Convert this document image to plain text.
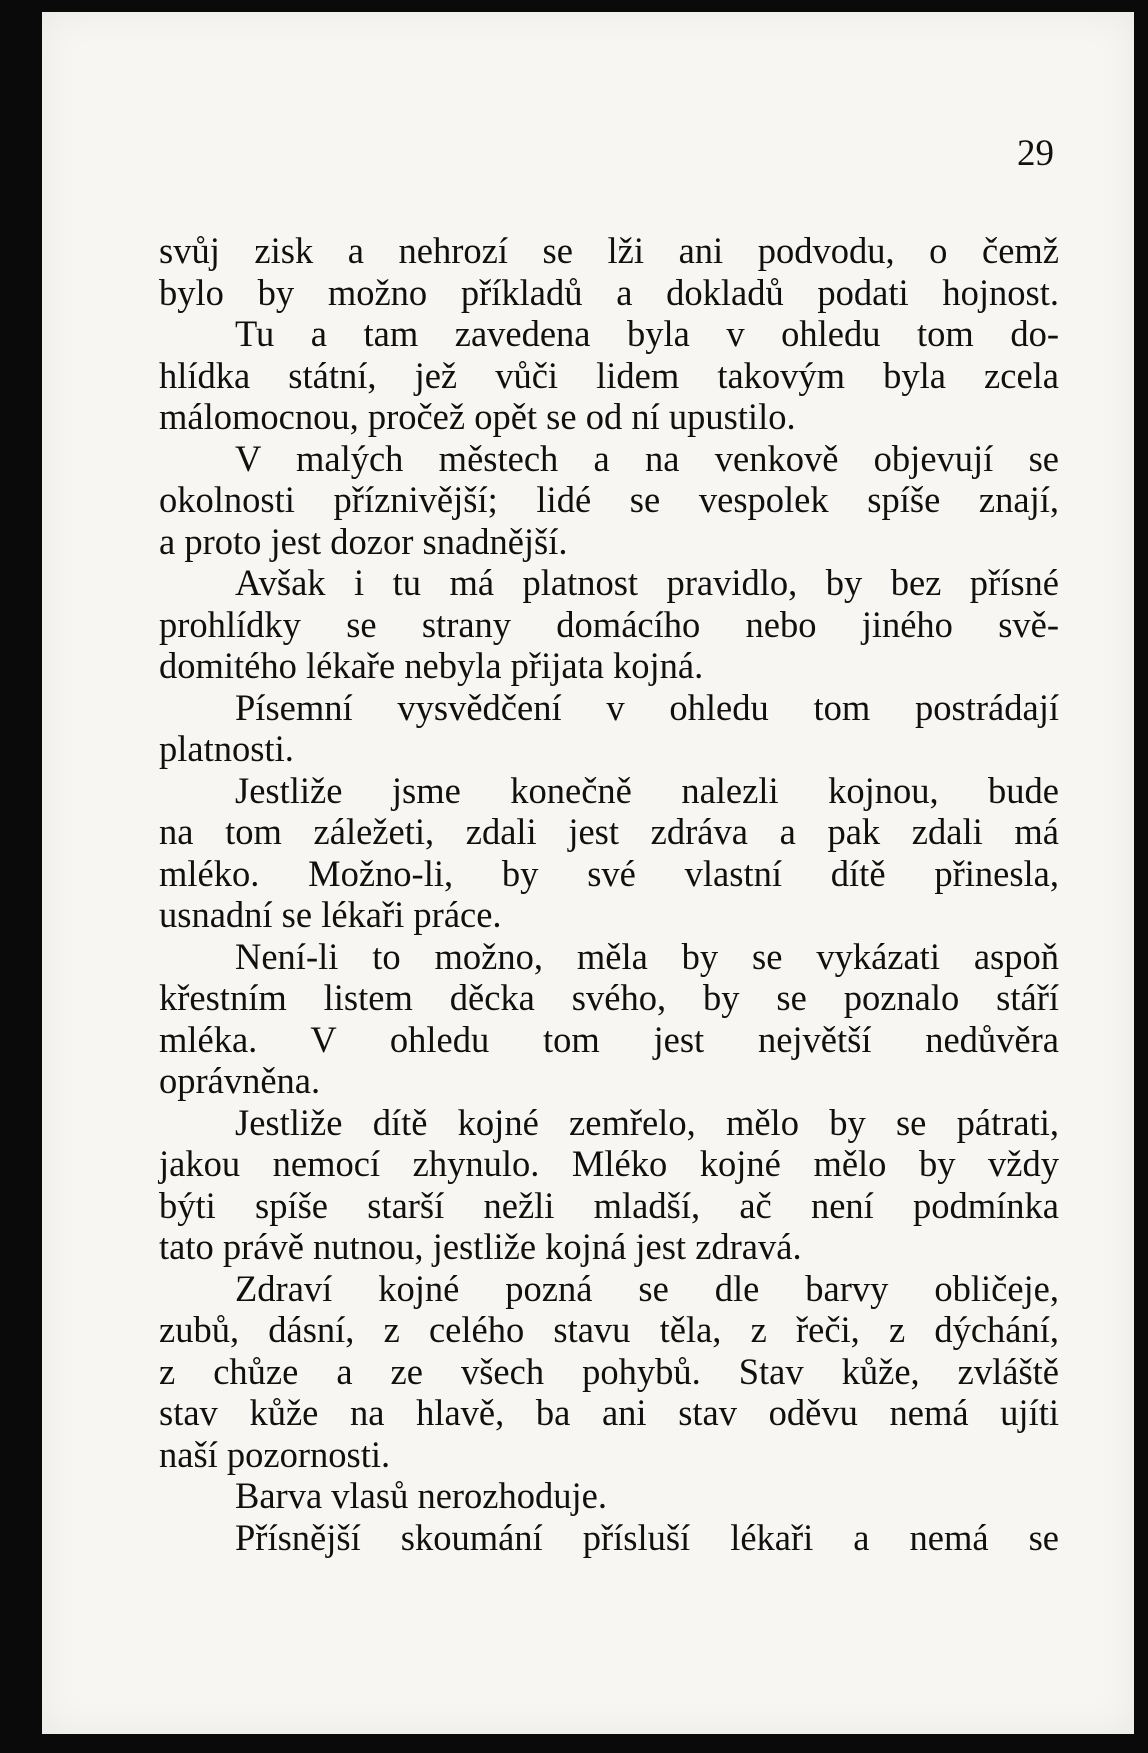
29

svůj zisk a nehrozí se lži ani podvodu, o čemž
bylo by možno příkladů a dokladů podati hojnost.
Tu a tam zavedena byla v ohledu tom do-
hlídka státní, jež vůči lidem takovým byla zcela
málomocnou, pročež opět se od ní upustilo.
V malých městech a na venkově objevují se
okolnosti příznivější; lidé se vespolek spíše znají,
a proto jest dozor snadnější.
Avšak i tu má platnost pravidlo, by bez přísné
prohlídky se strany domácího nebo jiného svě-
domitého lékaře nebyla přijata kojná.
Písemní vysvědčení v ohledu tom postrádají
platnosti.
Jestliže jsme konečně nalezli kojnou, bude
na tom záležeti, zdali jest zdráva a pak zdali má
mléko. Možno-li, by své vlastní dítě přinesla,
usnadní se lékaři práce.
Není-li to možno, měla by se vykázati aspoň
křestním listem děcka svého, by se poznalo stáří
mléka. V ohledu tom jest největší nedůvěra
oprávněna.
Jestliže dítě kojné zemřelo, mělo by se pátrati,
jakou nemocí zhynulo. Mléko kojné mělo by vždy
býti spíše starší nežli mladší, ač není podmínka
tato právě nutnou, jestliže kojná jest zdravá.
Zdraví kojné pozná se dle barvy obličeje,
zubů, dásní, z celého stavu těla, z řeči, z dýchání,
z chůze a ze všech pohybů. Stav kůže, zvláště
stav kůže na hlavě, ba ani stav oděvu nemá ujíti
naší pozornosti.
Barva vlasů nerozhoduje.
Přísnější skoumání přísluší lékaři a nemá se
